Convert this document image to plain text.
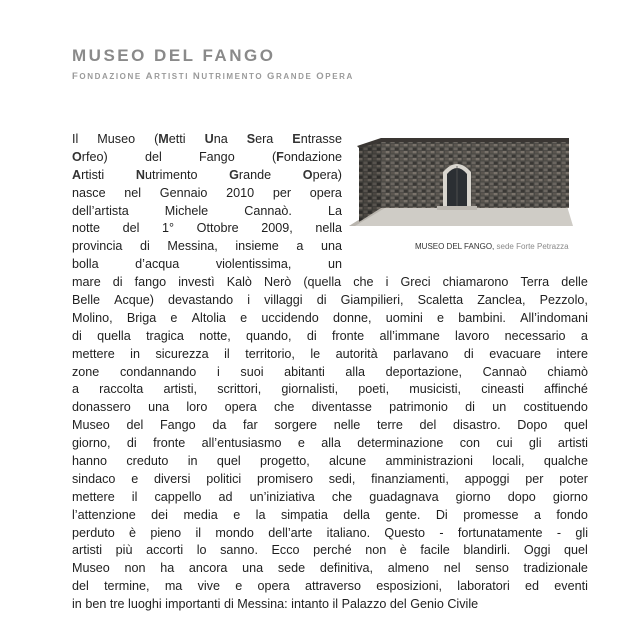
MUSEO DEL FANGO
FONDAZIONE ARTISTI NUTRIMENTO GRANDE OPERA
MUSEO DEL FANGO, sede Forte Petrazza
Il Museo (Metti Una Sera Entrasse
Orfeo)	del	Fango	(Fondazione
Artisti	Nutrimento	Grande	Opera)
nasce nel Gennaio 2010 per opera
dell’artista	Michele	Cannaò.	La
notte del 1° Ottobre 2009, nella
provincia di Messina, insieme a una
bolla	d’acqua	violentissima,	un
mare di fango investì Kalò Nerò (quella che i Greci chiamarono Terra delle
Belle Acque) devastando i villaggi di Giampilieri, Scaletta Zanclea, Pezzolo,
Molino, Briga e Altolia e uccidendo donne, uomini e bambini. All’indomani
di quella tragica notte, quando, di fronte all’immane lavoro necessario a
mettere in sicurezza il territorio, le autorità parlavano di evacuare intere
zone condannando i suoi abitanti alla deportazione, Cannaò chiamò
a raccolta artisti, scrittori, giornalisti, poeti, musicisti, cineasti affinché
donassero una loro opera che diventasse patrimonio di un costituendo
Museo del Fango da far sorgere nelle terre del disastro. Dopo quel
giorno, di fronte all’entusiasmo e alla determinazione con cui gli artisti
hanno creduto in quel progetto, alcune amministrazioni locali, qualche
sindaco e diversi politici promisero sedi, finanziamenti, appoggi per poter
mettere il cappello ad un’iniziativa che guadagnava giorno dopo giorno
l’attenzione dei media e la simpatia della gente. Di promesse a fondo
perduto è pieno il mondo dell’arte italiano. Questo - fortunatamente - gli
artisti più accorti lo sanno. Ecco perché non è facile blandirli. Oggi quel
Museo non ha ancora una sede definitiva, almeno nel senso tradizionale
del termine, ma vive e opera attraverso esposizioni, laboratori ed eventi
in ben tre luoghi importanti di Messina: intanto il Palazzo del Genio Civile
